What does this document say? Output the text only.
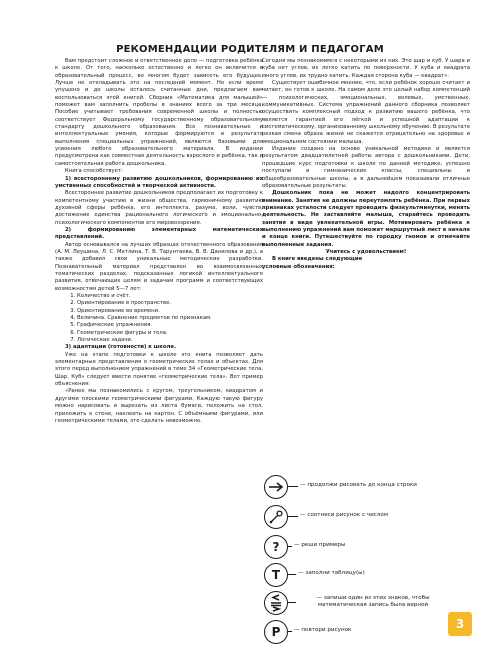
РЕКОМЕНДАЦИИ РОДИТЕЛЯМ И ПЕДАГОГАМ

Вам предстоит сложное и ответственное дело — подготовка ребёнка к школе. От того, насколько естественно и легко он включится в образовательный процесс, во многом будет зависеть его будущее. Лучше не откладывать это на последний момент. Но если время упущено и до школы осталось считанные дни, предлагаем вам воспользоваться этой книгой. Сборник «Математика для малышей» поможет вам заполнить пробелы в знаниях всего за три месяца. Пособие учитывает требования современной школы и полностью соответствует Федеральному государственному образовательному стандарту дошкольного образования. Все познавательные и интеллектуальные умения, которые формируются в результате выполнения специальных упражнений, являются базовыми для усвоения любого образовательного материала. В издании предусмотрена как совместная деятельность взрослого и ребёнка, так и самостоятельная работа дошкольника.

Книга способствует:

1) всестороннему развитию дошкольников, формированию их умственных способностей и творческой активности.

Всестороннее развитие дошкольников предполагает их подготовку к компетентному участию в жизни общества, гармоничному развитию духовной сферы ребёнка, его интеллекта, разума, воли, чувств, достижение единства рационального логического и эмоционально-психологического компонентов его мировоззрения.

2) формированию элементарных математических представлений.

Автор основывался на лучших образцах отечественного образования (А. М. Леушина, Л. С. Метлина, Т. В. Тарунтаева, В. В. Данилова и др.), а также добавил свои уникальные методические разработки. Познавательный материал представлен во взаимосвязанных тематических разделах, подсказанных логикой интеллектуального развития, отвечающих целям и задачам программ и соответствующих возможностям детей 5—7 лет:

1. Количество и счёт.
2. Ориентирование в пространстве.
3. Ориентирование во времени.
4. Величина. Сравнение предметов по признакам.
5. Графические упражнения.
6. Геометрические фигуры и тела.
7. Логические задачи.

3) адаптации (готовности) к школе.

Уже на этапе подготовки к школе это книга позволяет дать элементарные представления о геометрических телах и объектах. Для этого перед выполнением упражнений в теме 34 «Геометрические тела. Шар. Куб» следует ввести понятие «геометрические тела». Вот пример объяснения:

«Ранее мы познакомились с кругом, треугольником, квадратом и другими плоскими геометрическими фигурами. Каждую такую фигуру можно нарисовать и вырезать из листа бумаги, положить на стол, приложить к стене, наклеить на картон. С объёмными фигурами, или геометрическими телами, это сделать невозможно.

Сегодня мы познакомимся с некоторыми из них. Это шар и куб. У шара и куба нет углов, их легко катить по поверхности. У куба и квадрата много углов, их трудно катить. Каждая сторона куба — квадрат».

Существует ошибочное мнение, что, если ребёнок хорошо считает и читает, он готов к школе. На самом деле это целый набор компетенций — психологических, эмоциональных, волевых, умственных, коммуникативных. Система упражнений данного сборника позволяет осуществить комплексный подход к развитию вашего ребёнка, что является гарантией его лёгкой и успешной адаптации к систематическому, организованному школьному обучению. В результате резкая смена образа жизни не скажется отрицательно на здоровье и эмоциональном состоянии малыша.

Издание создано на основе уникальной методики и является результатом двадцатилетней работы автора с дошкольниками. Дети, прошедшие курс подготовки к школе по данной методике, успешно поступали в гимназические классы, специальны и общеобразовательные школы, а в дальнейшем показывали отличные образовательные результаты.

Дошкольник пока не может надолго концентрировать внимание. Занятия не должны переутомлять ребёнка. При первых признаках усталости следует проводить физкультминутки, менять деятельность. Не заставляйте малыша, старайтесь проводить занятия в виде увлекательной игры. Мотивировать ребёнка к выполнению упражнений вам поможет маршрутный лист в начале и конце книги. Путешествуйте по городку гномов и отмечайте выполненные задания.

Учитесь с удовольствием!

В книге введены следующие
условные обозначения:

— продолжи рисовать до конца строки
— соотнеси рисунок с числом
?	— реши примеры
T	— заполни таблицу(ы)
— запиши один из этих знаков, чтобы математическая запись была верной
P	— повтори рисунок	3
